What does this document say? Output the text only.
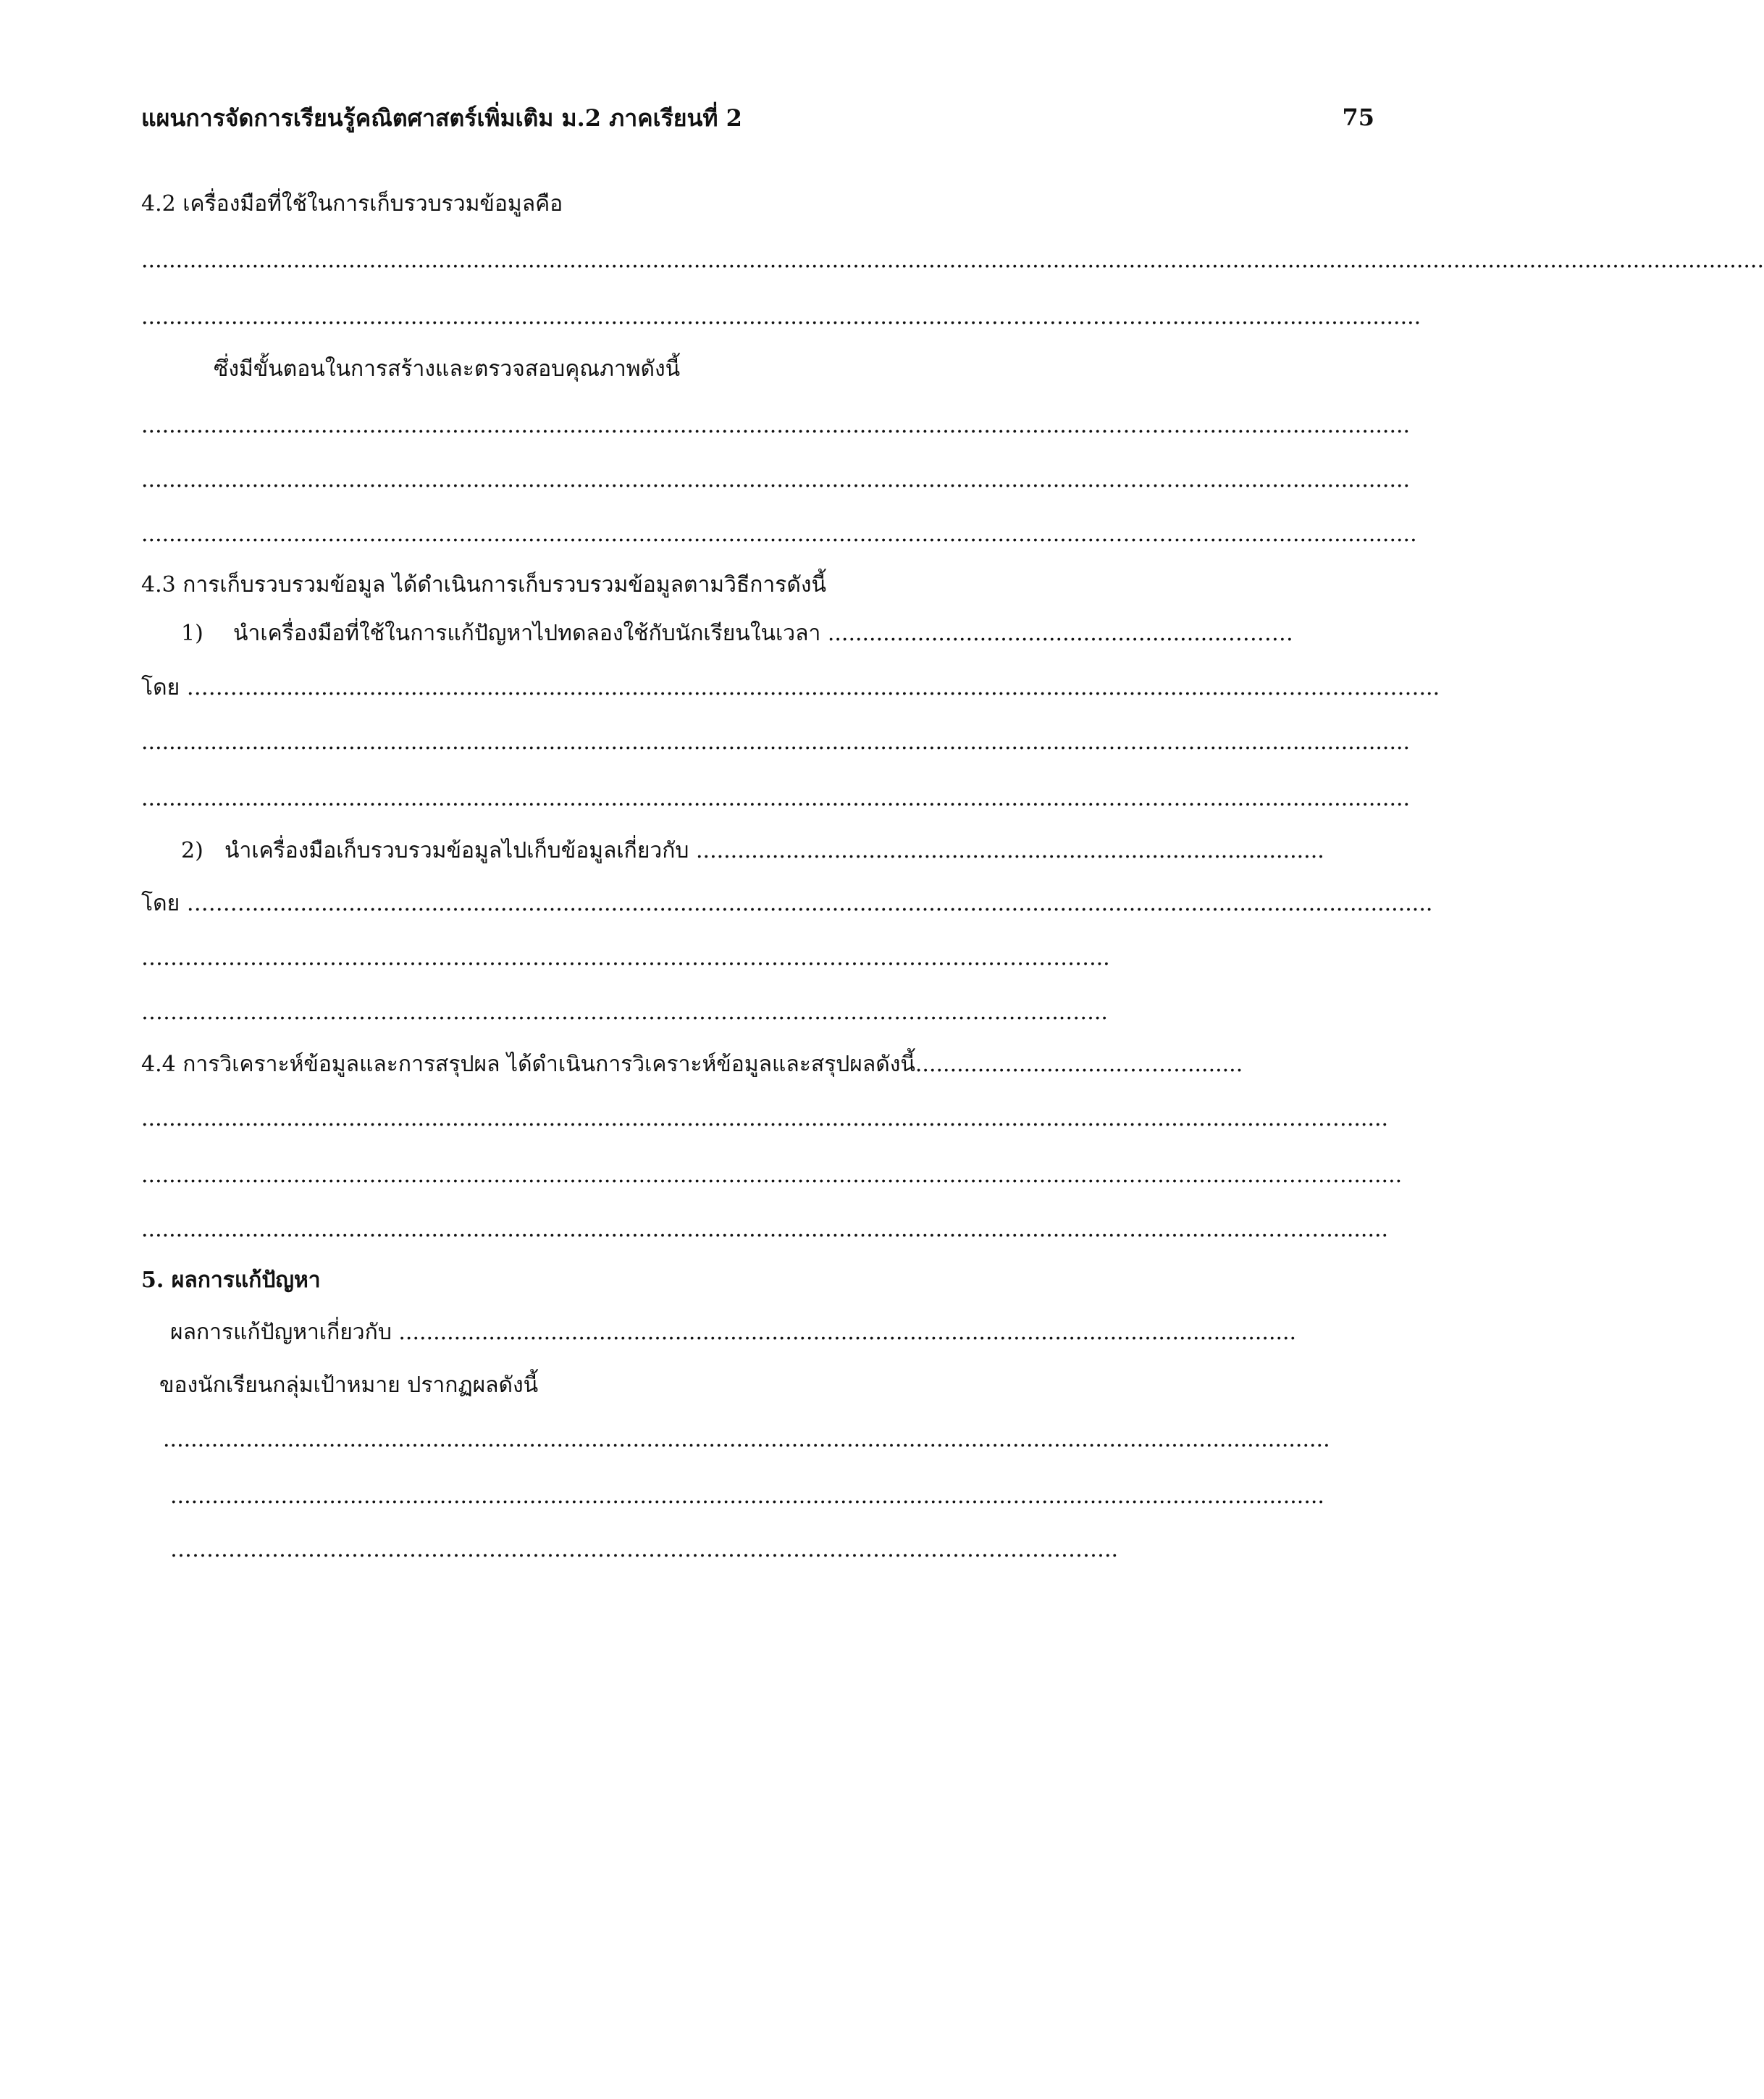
แผนการจัดการเรียนรู้คณิตศาสตร์เพิ่มเติม ม.2 ภาคเรียนที่ 2	75
4.2 เครื่องมือที่ใช้ในการเก็บรวบรวมข้อมูลคือ
...........................................................................................................................................................................................................................................
.........................................................................................................................………………………....................................
ซึ่งมีขั้นตอนในการสร้างและตรวจสอบคุณภาพดังนี้
...........................................................................................................................................…………….............................
...........................................................................................................................................…………….............................
...........................................................................................................................................……………..............................
4.3 การเก็บรวบรวมข้อมูล ได้ดำเนินการเก็บรวบรวมข้อมูลตามวิธีการดังนี้
1)	นำเครื่องมือที่ใช้ในการแก้ปัญหาไปทดลองใช้กับนักเรียนในเวลา ..........................................................………
โดย ………...................................................................................................................................................…………………...
...........................................................................................................................................…………….............................
...........................................................................................................................................…………….............................
2) นำเครื่องมือเก็บรวบรวมข้อมูลไปเก็บข้อมูลเกี่ยวกับ ...........................................................................................
โดย ………...........................................................................................................................................................................
……………………………………………………………………………………………………..……………...
……………………………………………………………………………..…………………...…………...…...
4.4 การวิเคราะห์ข้อมูลและการสรุปผล ได้ดำเนินการวิเคราะห์ข้อมูลและสรุปผลดังนี้..............................………........
...............................................................................................................................................…...................………......
...............................................................................................................................................…...................………........
..............................................................................................................................................….................……….........
5. ผลการแก้ปัญหา
ผลการแก้ปัญหาเกี่ยวกับ ..................................................................................................................................
ของนักเรียนกลุ่มเป้าหมาย ปรากฏผลดังนี้
.........................................................................................................................................................................
..........................................................................................................................…..........................................
…………………………………………………………………………………………………………………..
